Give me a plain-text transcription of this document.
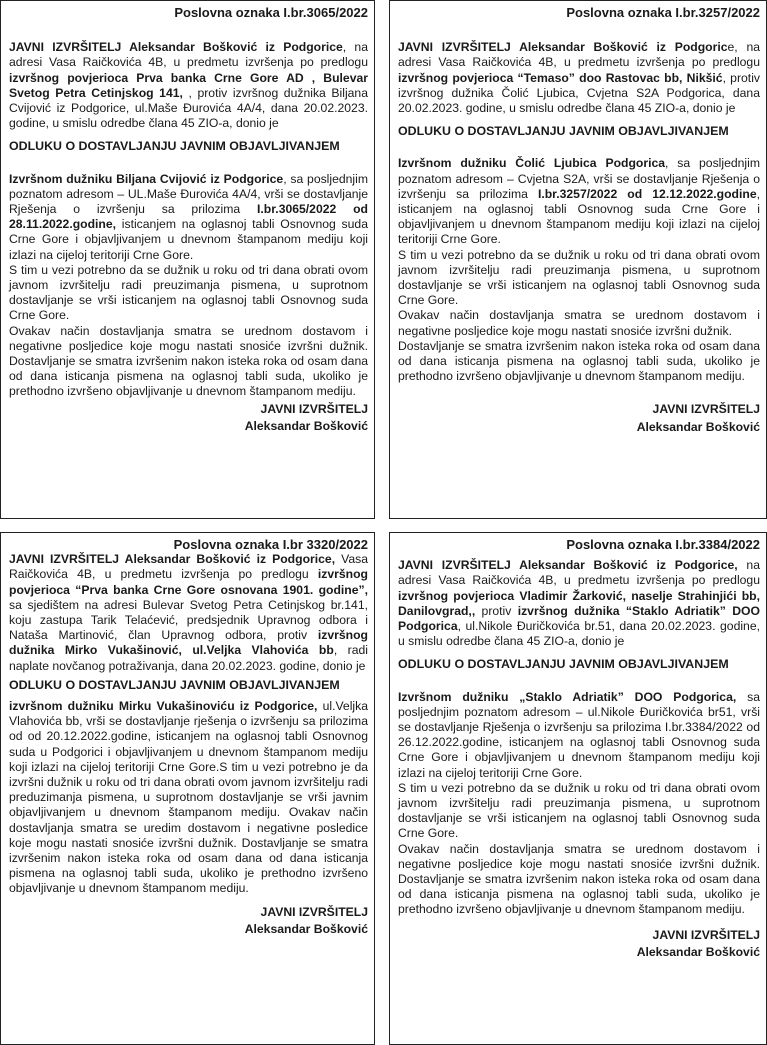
Poslovna oznaka I.br.3065/2022

JAVNI IZVRŠITELJ Aleksandar Bošković iz Podgorice, na adresi Vasa Raičkovića 4B, u predmetu izvršenja po predlogu izvršnog povjerioca Prva banka Crne Gore AD , Bulevar Svetog Petra Cetinjskog 141, , protiv izvršnog dužnika Biljana Cvijović iz Podgorice, ul.Maše Đurovića 4A/4, dana 20.02.2023. godine, u smislu odredbe člana 45 ZIO-a, donio je

ODLUKU O DOSTAVLJANJU JAVNIM OBJAVLJIVANJEM

Izvršnom dužniku Biljana Cvijović iz Podgorice, sa posljednjim poznatom adresom – UL.Maše Đurovića 4A/4, vrši se dostavljanje Rješenja o izvršenju sa prilozima I.br.3065/2022 od 28.11.2022.godine, isticanjem na oglasnoj tabli Osnovnog suda Crne Gore i objavljivanjem u dnevnom štampanom mediju koji izlazi na cijeloj teritoriji Crne Gore.

S tim u vezi potrebno da se dužnik u roku od tri dana obrati ovom javnom izvršitelju radi preuzimanja pismena, u suprotnom dostavljanje se vrši isticanjem na oglasnoj tabli Osnovnog suda Crne Gore.

Ovakav način dostavljanja smatra se urednom dostavom i negativne posljedice koje mogu nastati snosiće izvršni dužnik. Dostavljanje se smatra izvršenim nakon isteka roka od osam dana od dana isticanja pismena na oglasnoj tabli suda, ukoliko je prethodno izvršeno objavljivanje u dnevnom štampanom mediju.

JAVNI IZVRŠITELJ
Aleksandar Bošković
Poslovna oznaka I.br.3257/2022

JAVNI IZVRŠITELJ Aleksandar Bošković iz Podgorice, na adresi Vasa Raičkovića 4B, u predmetu izvršenja po predlogu izvršnog povjerioca “Temaso” doo Rastovac bb, Nikšić, protiv izvršnog dužnika Čolić Ljubica, Cvjetna S2A Podgorica, dana 20.02.2023. godine, u smislu odredbe člana 45 ZIO-a, donio je

ODLUKU O DOSTAVLJANJU JAVNIM OBJAVLJIVANJEM

Izvršnom dužniku Čolić Ljubica Podgorica, sa posljednjim poznatom adresom – Cvjetna S2A, vrši se dostavljanje Rješenja o izvršenju sa prilozima I.br.3257/2022 od 12.12.2022.godine, isticanjem na oglasnoj tabli Osnovnog suda Crne Gore i objavljivanjem u dnevnom štampanom mediju koji izlazi na cijeloj teritoriji Crne Gore.

S tim u vezi potrebno da se dužnik u roku od tri dana obrati ovom javnom izvršitelju radi preuzimanja pismena, u suprotnom dostavljanje se vrši isticanjem na oglasnoj tabli Osnovnog suda Crne Gore.

Ovakav način dostavljanja smatra se urednom dostavom i negativne posljedice koje mogu nastati snosiće izvršni dužnik.

Dostavljanje se smatra izvršenim nakon isteka roka od osam dana od dana isticanja pismena na oglasnoj tabli suda, ukoliko je prethodno izvršeno objavljivanje u dnevnom štampanom mediju.

JAVNI IZVRŠITELJ
Aleksandar Bošković
Poslovna oznaka I.br 3320/2022

JAVNI IZVRŠITELJ Aleksandar Bošković iz Podgorice, Vasa Raičkovića 4B, u predmetu izvršenja po predlogu izvršnog povjerioca “Prva banka Crne Gore osnovana 1901. godine”, sa sjedištem na adresi Bulevar Svetog Petra Cetinjskog br.141, koju zastupa Tarik Telaćević, predsjednik Upravnog odbora i Nataša Martinović, član Upravnog odbora, protiv izvršnog dužnika Mirko Vukašinović, ul.Veljka Vlahovića bb, radi naplate novčanog potraživanja, dana 20.02.2023. godine, donio je

ODLUKU O DOSTAVLJANJU JAVNIM OBJAVLJIVANJEM

izvršnom dužniku Mirku Vukašinoviću iz Podgorice, ul.Veljka Vlahovića bb, vrši se dostavljanje rješenja o izvršenju sa prilozima od od 20.12.2022.godine, isticanjem na oglasnoj tabli Osnovnog suda u Podgorici i objavljivanjem u dnevnom štampanom mediju koji izlazi na cijeloj teritoriji Crne Gore.S tim u vezi potrebno je da izvršni dužnik u roku od tri dana obrati ovom javnom izvršitelju radi preduzimanja pismena, u suprotnom dostavljanje se vrši javnim objavljivanjem u dnevnom štampanom mediju. Ovakav način dostavljanja smatra se uredim dostavom i negativne posledice koje mogu nastati snosiće izvršni dužnik. Dostavljanje se smatra izvršenim nakon isteka roka od osam dana od dana isticanja pismena na oglasnoj tabli suda, ukoliko je prethodno izvršeno objavljivanje u dnevnom štampanom mediju.

JAVNI IZVRŠITELJ
Aleksandar Bošković
Poslovna oznaka I.br.3384/2022

JAVNI IZVRŠITELJ Aleksandar Bošković iz Podgorice, na adresi Vasa Raičkovića 4B, u predmetu izvršenja po predlogu izvršnog povjerioca Vladimir Žarković, naselje Strahinjići bb, Danilovgrad,, protiv izvršnog dužnika “Staklo Adriatik” DOO Podgorica, ul.Nikole Đuričkovića br.51, dana 20.02.2023. godine, u smislu odredbe člana 45 ZIO-a, donio je

ODLUKU O DOSTAVLJANJU JAVNIM OBJAVLJIVANJEM

Izvršnom dužniku „Staklo Adriatik” DOO Podgorica, sa posljednjim poznatom adresom – ul.Nikole Đuričkovića br51, vrši se dostavljanje Rješenja o izvršenju sa prilozima I.br.3384/2022 od 26.12.2022.godine, isticanjem na oglasnoj tabli Osnovnog suda Crne Gore i objavljivanjem u dnevnom štampanom mediju koji izlazi na cijeloj teritoriji Crne Gore.

S tim u vezi potrebno da se dužnik u roku od tri dana obrati ovom javnom izvršitelju radi preuzimanja pismena, u suprotnom dostavljanje se vrši isticanjem na oglasnoj tabli Osnovnog suda Crne Gore.

Ovakav način dostavljanja smatra se urednom dostavom i negativne posljedice koje mogu nastati snosiće izvršni dužnik. Dostavljanje se smatra izvršenim nakon isteka roka od osam dana od dana isticanja pismena na oglasnoj tabli suda, ukoliko je prethodno izvršeno objavljivanje u dnevnom štampanom mediju.

JAVNI IZVRŠITELJ
Aleksandar Bošković
